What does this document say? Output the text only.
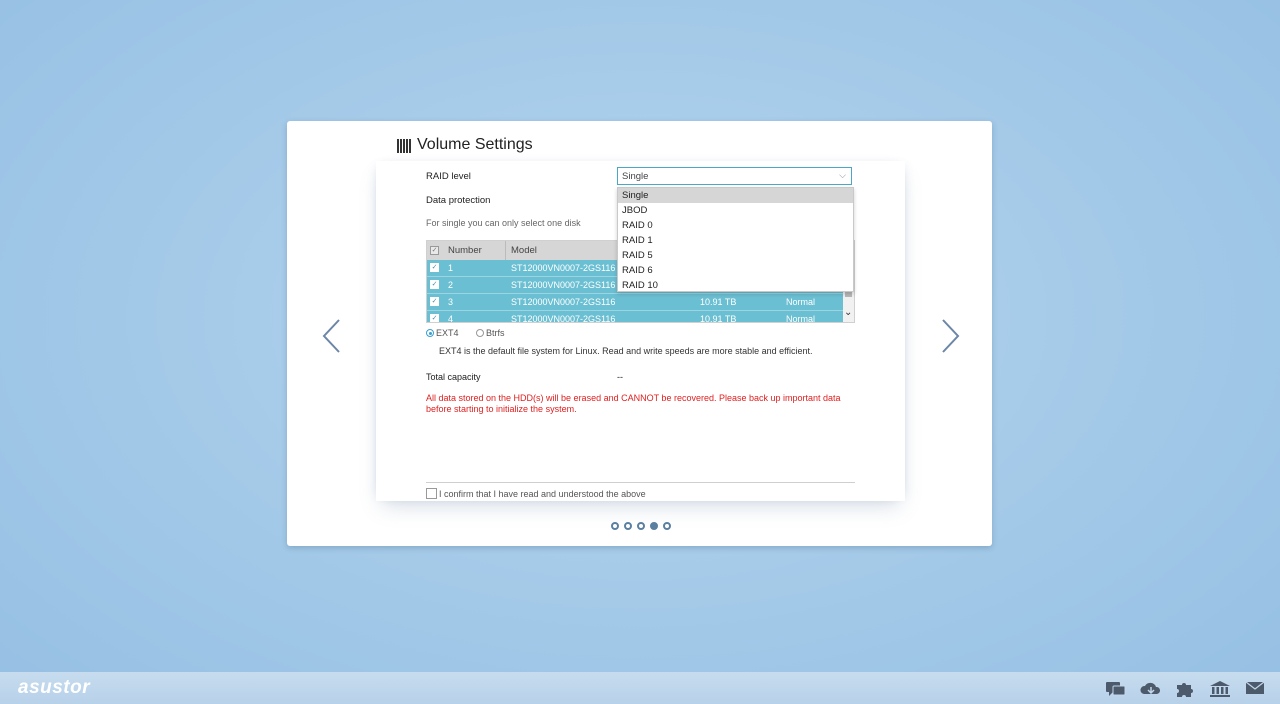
Volume Settings
RAID level	Single	⌵
Single
JBOD
RAID 0
RAID 1
RAID 5
RAID 6
RAID 10
Data protection
For single you can only select one disk
✓ Number	Model
✓ 1	ST12000VN0007-2GS116
✓ 2	ST12000VN0007-2GS116
✓ 3	ST12000VN0007-2GS116	10.91 TB	Normal
✓ 4	ST12000VN0007-2GS116	10.91 TB	Normal
⌄
EXT4	Btrfs
EXT4 is the default file system for Linux. Read and write speeds are more stable and efficient.
Total capacity	--
All data stored on the HDD(s) will be erased and CANNOT be recovered. Please back up important data before starting to initialize the system.
I confirm that I have read and understood the above
asustor
